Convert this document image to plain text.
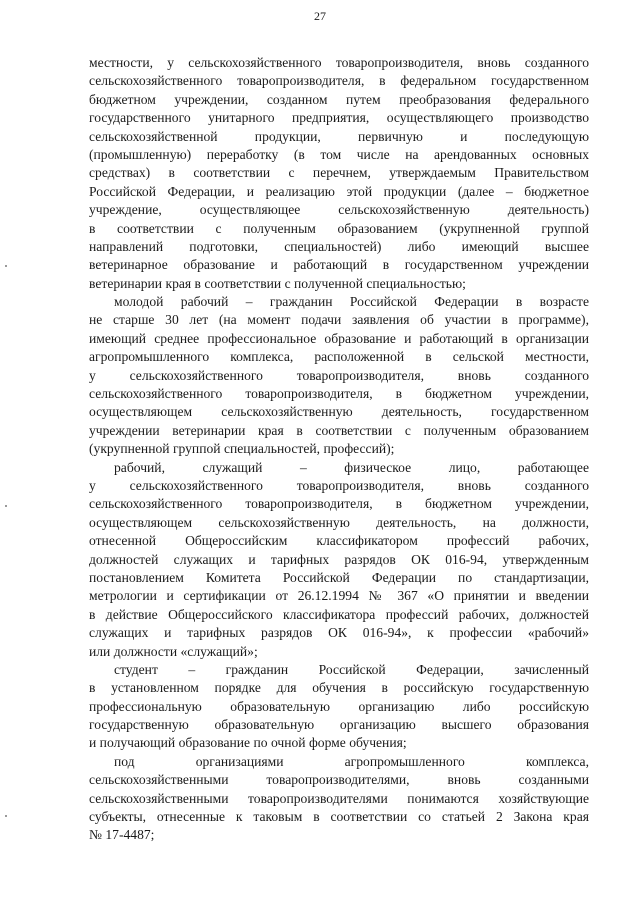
27
местности, у сельскохозяйственного товаропроизводителя, вновь созданного
сельскохозяйственного товаропроизводителя, в федеральном государственном
бюджетном учреждении, созданном путем преобразования федерального
государственного унитарного предприятия, осуществляющего производство
сельскохозяйственной продукции, первичную и последующую
(промышленную) переработку (в том числе на арендованных основных
средствах) в соответствии с перечнем, утверждаемым Правительством
Российской Федерации, и реализацию этой продукции (далее – бюджетное
учреждение, осуществляющее сельскохозяйственную деятельность)
в соответствии с полученным образованием (укрупненной группой
направлений подготовки, специальностей) либо имеющий высшее
ветеринарное образование и работающий в государственном учреждении
ветеринарии края в соответствии с полученной специальностью;
молодой рабочий – гражданин Российской Федерации в возрасте
не старше 30 лет (на момент подачи заявления об участии в программе),
имеющий среднее профессиональное образование и работающий в организации
агропромышленного комплекса, расположенной в сельской местности,
у сельскохозяйственного товаропроизводителя, вновь созданного
сельскохозяйственного товаропроизводителя, в бюджетном учреждении,
осуществляющем сельскохозяйственную деятельность, государственном
учреждении ветеринарии края в соответствии с полученным образованием
(укрупненной группой специальностей, профессий);
рабочий, служащий – физическое лицо, работающее
у сельскохозяйственного товаропроизводителя, вновь созданного
сельскохозяйственного товаропроизводителя, в бюджетном учреждении,
осуществляющем сельскохозяйственную деятельность, на должности,
отнесенной Общероссийским классификатором профессий рабочих,
должностей служащих и тарифных разрядов ОК 016-94, утвержденным
постановлением Комитета Российской Федерации по стандартизации,
метрологии и сертификации от 26.12.1994 № 367 «О принятии и введении
в действие Общероссийского классификатора профессий рабочих, должностей
служащих и тарифных разрядов ОК 016-94», к профессии «рабочий»
или должности «служащий»;
студент – гражданин Российской Федерации, зачисленный
в установленном порядке для обучения в российскую государственную
профессиональную образовательную организацию либо российскую
государственную образовательную организацию высшего образования
и получающий образование по очной форме обучения;
под организациями агропромышленного комплекса,
сельскохозяйственными товаропроизводителями, вновь созданными
сельскохозяйственными товаропроизводителями понимаются хозяйствующие
субъекты, отнесенные к таковым в соответствии со статьей 2 Закона края
№ 17-4487;
